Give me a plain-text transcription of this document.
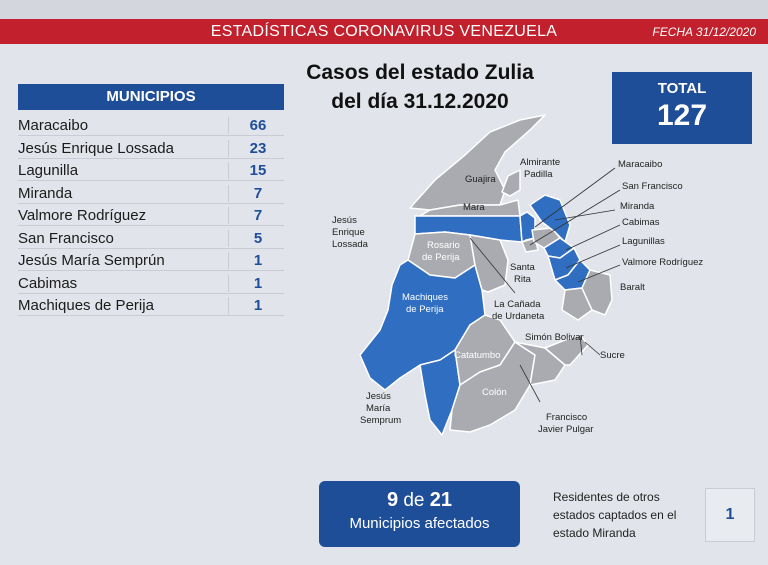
ESTADÍSTICAS CORONAVIRUS VENEZUELA	FECHA 31/12/2020
MUNICIPIOS
Maracaibo	66
Jesús Enrique Lossada	23
Lagunilla	15
Miranda	7
Valmore Rodríguez	7
San Francisco	5
Jesús María Semprún	1
Cabimas	1
Machiques de Perija	1
Casos del estado Zulia
del día 31.12.2020
TOTAL
127
Guajira
Almirante
Padilla
Mara
Jesús
Enrique
Lossada	Rosario
de Perija
Machiques
de Perija
Santa
Rita
La Cañada
de Urdaneta
Simón Bolivar
Catatumbo
Colón
Sucre
Francisco
Javier Pulgar
Jesús
María
Semprum
Maracaibo
San Francisco
Miranda
Cabimas
Lagunillas
Valmore Rodríguez
Baralt
9 de 21
Municipios afectados
Residentes de otros
estados captados en el
estado Miranda
1
